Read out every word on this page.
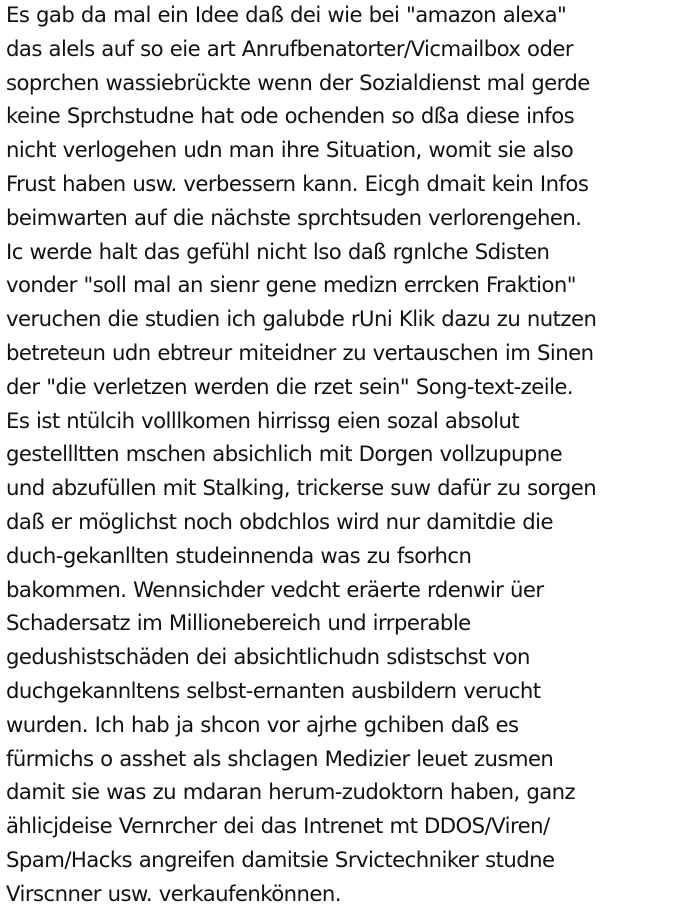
Es gab da mal ein Idee daß dei wie bei "amazon alexa"
das alels auf so eie art Anrufbenatorter/Vicmailbox oder
soprchen wassiebrückte wenn der Sozialdienst mal gerde
keine Sprchstudne hat ode ochenden so dßa diese infos
nicht verlogehen udn man ihre Situation, womit sie also
Frust haben usw. verbessern kann. Eicgh dmait kein Infos
beimwarten auf die nächste sprchtsuden verlorengehen.
Ic werde halt das gefühl nicht lso daß rgnlche Sdisten
vonder "soll mal an sienr gene medizn errcken Fraktion"
veruchen die studien ich galubde rUni Klik dazu zu nutzen
betreteun udn ebtreur miteidner zu vertauschen im Sinen
der "die verletzen werden die rzet sein" Song-text-zeile.
Es ist ntülcih volllkomen hirrissg eien sozal absolut
gestellltten mschen absichlich mit Dorgen vollzupupne
und abzufüllen mit Stalking, trickerse suw dafür zu sorgen
daß er möglichst noch obdchlos wird nur damitdie die
duch-gekanllten studeinnenda was zu fsorhcn
bakommen. Wennsichder vedcht eräerte rdenwir üer
Schadersatz im Millionebereich und irrperable
gedushistschäden dei absichtlichudn sdistschst von
duchgekannltens selbst-ernanten ausbildern verucht
wurden. Ich hab ja shcon vor ajrhe gchiben daß es
fürmichs o asshet als shclagen Medizier leuet zusmen
damit sie was zu mdaran herum-zudoktorn haben, ganz
ählicjdeise Vernrcher dei das Intrenet mt DDOS/Viren/
Spam/Hacks angreifen damitsie Srvictechniker studne
Virscnner usw. verkaufenkönnen.
